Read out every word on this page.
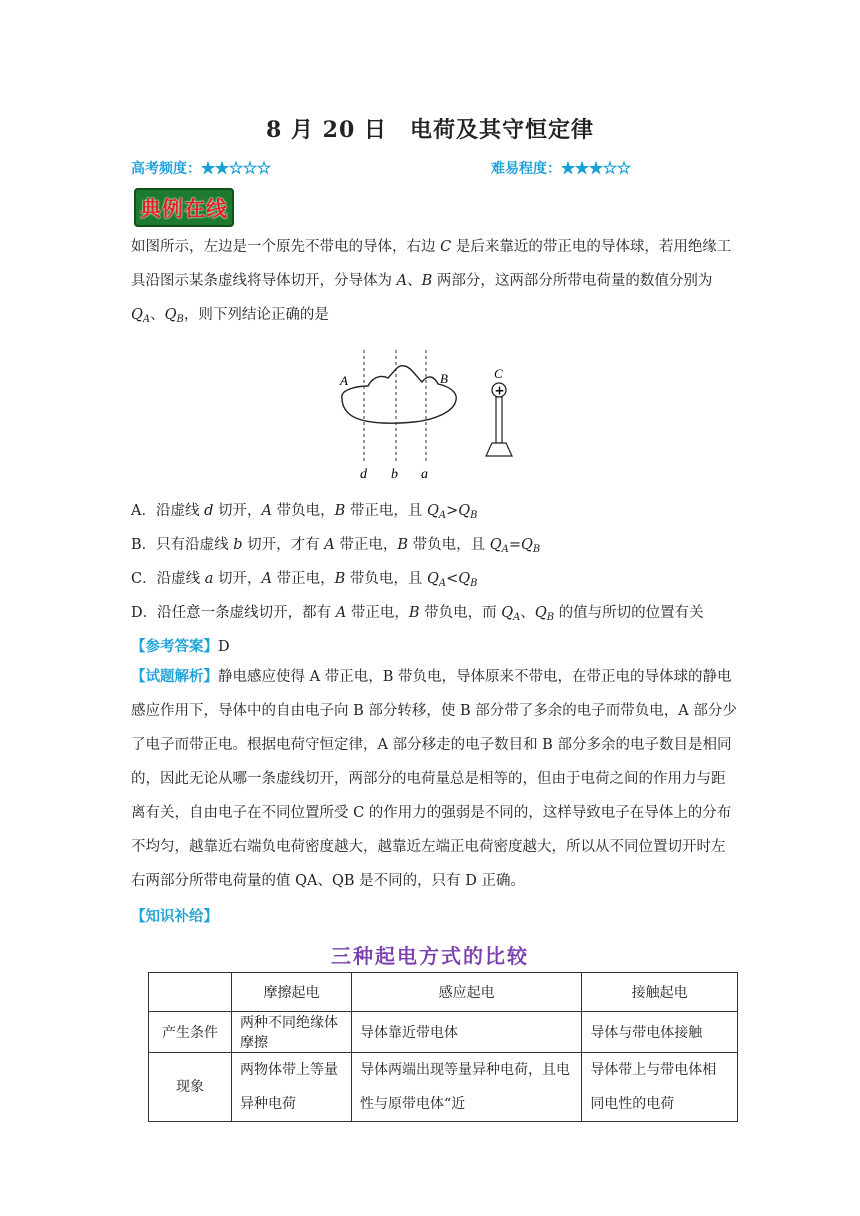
8 月 20 日　电荷及其守恒定律
高考频度：★★☆☆☆	难易程度：★★★☆☆
典例在线
如图所示，左边是一个原先不带电的导体，右边 C 是后来靠近的带正电的导体球，若用绝缘工具沿图示某条虚线将导体切开，分导体为 A、B 两部分，这两部分所带电荷量的数值分别为 $Q_A$、$Q_B$，则下列结论正确的是
A	B	C
d b a
+
A．沿虚线 d 切开，A 带负电，B 带正电，且 $Q_A>Q_B$
B．只有沿虚线 b 切开，才有 A 带正电，B 带负电，且 $Q_A=Q_B$
C．沿虚线 a 切开，A 带正电，B 带负电，且 $Q_A<Q_B$
D．沿任意一条虚线切开，都有 A 带正电，B 带负电，而 $Q_A$、$Q_B$ 的值与所切的位置有关
【参考答案】D
【试题解析】静电感应使得 A 带正电，B 带负电，导体原来不带电，在带正电的导体球的静电感应作用下，导体中的自由电子向 B 部分转移，使 B 部分带了多余的电子而带负电，A 部分少了电子而带正电。根据电荷守恒定律，A 部分移走的电子数目和 B 部分多余的电子数目是相同的，因此无论从哪一条虚线切开，两部分的电荷量总是相等的，但由于电荷之间的作用力与距离有关，自由电子在不同位置所受 C 的作用力的强弱是不同的，这样导致电子在导体上的分布不均匀，越靠近右端负电荷密度越大，越靠近左端正电荷密度越大，所以从不同位置切开时左右两部分所带电荷量的值 QA、QB 是不同的，只有 D 正确。
【知识补给】
三种起电方式的比较
	摩擦起电	感应起电	接触起电
产生条件	两种不同绝缘体摩擦	导体靠近带电体	导体与带电体接触
现象	两物体带上等量异种电荷	导体两端出现等量异种电荷，且电性与原带电体“近	导体带上与带电体相同电性的电荷
